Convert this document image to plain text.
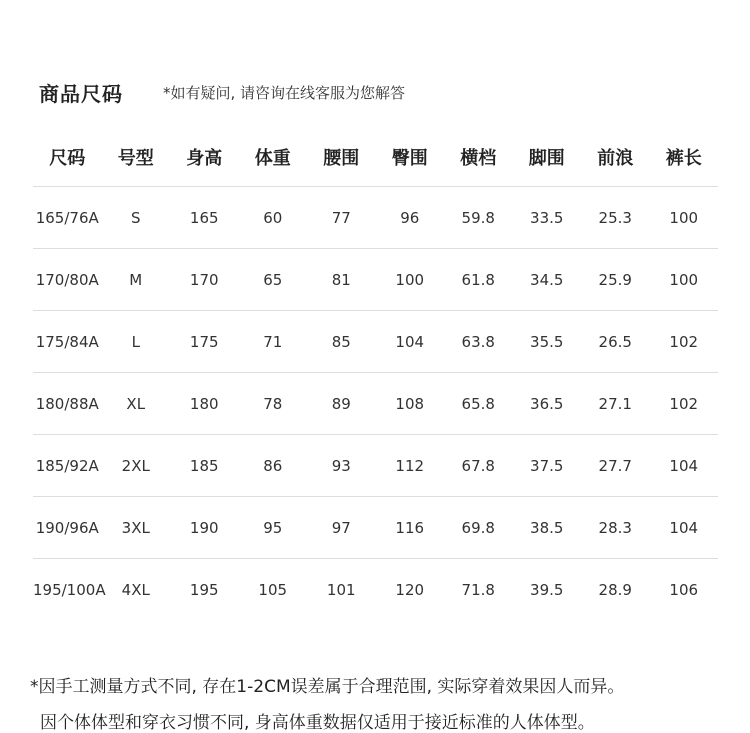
商品尺码	*如有疑问, 请咨询在线客服为您解答
尺码	号型	身高	体重	腰围	臀围	横档	脚围	前浪	裤长
165/76A	S	165	60	77	96	59.8	33.5	25.3	100
170/80A	M	170	65	81	100	61.8	34.5	25.9	100
175/84A	L	175	71	85	104	63.8	35.5	26.5	102
180/88A	XL	180	78	89	108	65.8	36.5	27.1	102
185/92A	2XL	185	86	93	112	67.8	37.5	27.7	104
190/96A	3XL	190	95	97	116	69.8	38.5	28.3	104
195/100A	4XL	195	105	101	120	71.8	39.5	28.9	106
*因手工测量方式不同, 存在1-2CM误差属于合理范围, 实际穿着效果因人而异。
因个体体型和穿衣习惯不同, 身高体重数据仅适用于接近标准的人体体型。
